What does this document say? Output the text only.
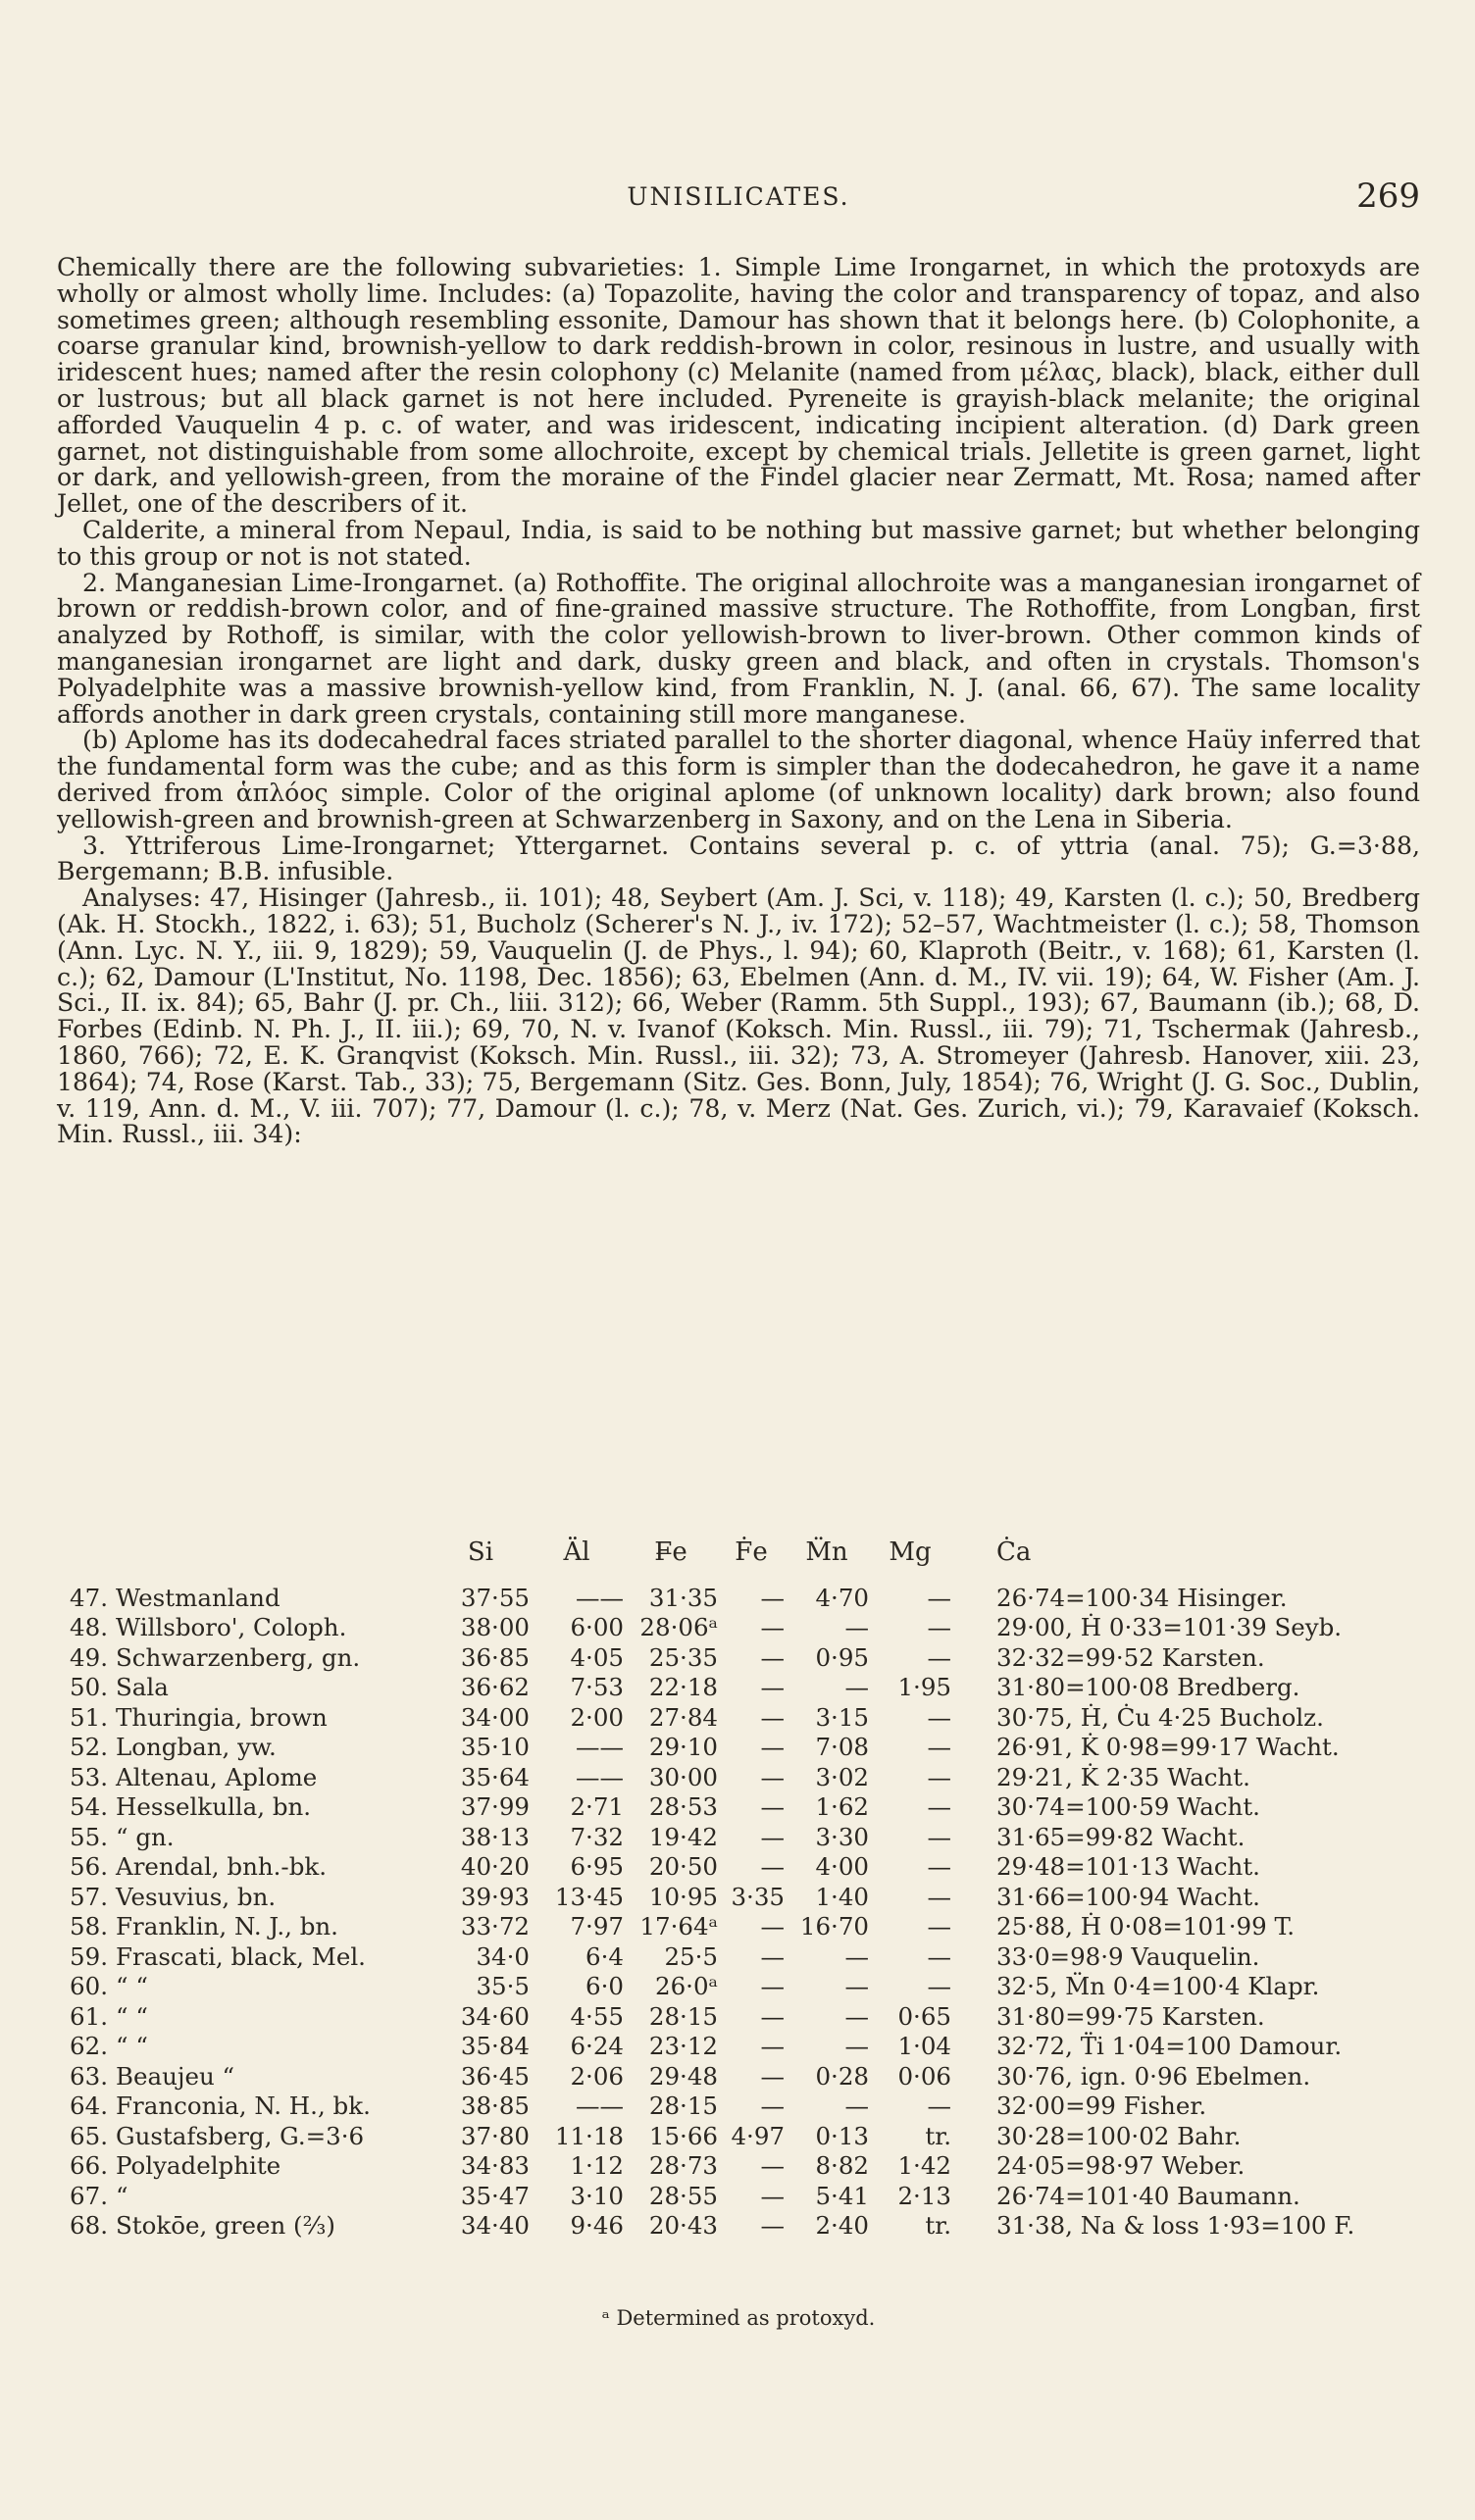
UNISILICATES.	269

Chemically there are the following subvarieties: 1. Simple Lime Irongarnet, in which the protoxyds are wholly or almost wholly lime. Includes: (a) Topazolite, having the color and transparency of topaz, and also sometimes green; although resembling essonite, Damour has shown that it belongs here. (b) Colophonite, a coarse granular kind, brownish-yellow to dark reddish-brown in color, resinous in lustre, and usually with iridescent hues; named after the resin colophony (c) Melanite (named from μέλας, black), black, either dull or lustrous; but all black garnet is not here included. Pyreneite is grayish-black melanite; the original afforded Vauquelin 4 p. c. of water, and was iridescent, indicating incipient alteration. (d) Dark green garnet, not distinguishable from some allochroite, except by chemical trials. Jelletite is green garnet, light or dark, and yellowish-green, from the moraine of the Findel glacier near Zermatt, Mt. Rosa; named after Jellet, one of the describers of it.

Calderite, a mineral from Nepaul, India, is said to be nothing but massive garnet; but whether belonging to this group or not is not stated.

2. Manganesian Lime-Irongarnet. (a) Rothoffite. The original allochroite was a manganesian irongarnet of brown or reddish-brown color, and of fine-grained massive structure. The Rothoffite, from Longban, first analyzed by Rothoff, is similar, with the color yellowish-brown to liver-brown. Other common kinds of manganesian irongarnet are light and dark, dusky green and black, and often in crystals. Thomson's Polyadelphite was a massive brownish-yellow kind, from Franklin, N. J. (anal. 66, 67). The same locality affords another in dark green crystals, containing still more manganese.

(b) Aplome has its dodecahedral faces striated parallel to the shorter diagonal, whence Haüy inferred that the fundamental form was the cube; and as this form is simpler than the dodecahedron, he gave it a name derived from ἁπλόος simple. Color of the original aplome (of unknown locality) dark brown; also found yellowish-green and brownish-green at Schwarzenberg in Saxony, and on the Lena in Siberia.

3. Yttriferous Lime-Irongarnet; Yttergarnet. Contains several p. c. of yttria (anal. 75); G.=3·88, Bergemann; B.B. infusible.

Analyses: 47, Hisinger (Jahresb., ii. 101); 48, Seybert (Am. J. Sci, v. 118); 49, Karsten (l. c.); 50, Bredberg (Ak. H. Stockh., 1822, i. 63); 51, Bucholz (Scherer's N. J., iv. 172); 52–57, Wachtmeister (l. c.); 58, Thomson (Ann. Lyc. N. Y., iii. 9, 1829); 59, Vauquelin (J. de Phys., l. 94); 60, Klaproth (Beitr., v. 168); 61, Karsten (l. c.); 62, Damour (L'Institut, No. 1198, Dec. 1856); 63, Ebelmen (Ann. d. M., IV. vii. 19); 64, W. Fisher (Am. J. Sci., II. ix. 84); 65, Bahr (J. pr. Ch., liii. 312); 66, Weber (Ramm. 5th Suppl., 193); 67, Baumann (ib.); 68, D. Forbes (Edinb. N. Ph. J., II. iii.); 69, 70, N. v. Ivanof (Koksch. Min. Russl., iii. 79); 71, Tschermak (Jahresb., 1860, 766); 72, E. K. Granqvist (Koksch. Min. Russl., iii. 32); 73, A. Stromeyer (Jahresb. Hanover, xiii. 23, 1864); 74, Rose (Karst. Tab., 33); 75, Bergemann (Sitz. Ges. Bonn, July, 1854); 76, Wright (J. G. Soc., Dublin, v. 119, Ann. d. M., V. iii. 707); 77, Damour (l. c.); 78, v. Merz (Nat. Ges. Zurich, vi.); 79, Karavaief (Koksch. Min. Russl., iii. 34):

		Si	Äl	F̶e	Ḟe	M̈n	Mg	Ċa
47.	Westmanland	37·55	——	31·35	—	4·70	—	26·74=100·34 Hisinger.
48.	Willsboro', Coloph.	38·00	6·00	28·06ᵃ	—	—	—	29·00, Ḣ 0·33=101·39 Seyb.
49.	Schwarzenberg, gn.	36·85	4·05	25·35	—	0·95	—	32·32=99·52 Karsten.
50.	Sala	36·62	7·53	22·18	—	—	1·95	31·80=100·08 Bredberg.
51.	Thuringia, brown	34·00	2·00	27·84	—	3·15	—	30·75, Ḣ, Ċu 4·25 Bucholz.
52.	Longban, yw.	35·10	——	29·10	—	7·08	—	26·91, K̇ 0·98=99·17 Wacht.
53.	Altenau, Aplome	35·64	——	30·00	—	3·02	—	29·21, K̇ 2·35 Wacht.
54.	Hesselkulla, bn.	37·99	2·71	28·53	—	1·62	—	30·74=100·59 Wacht.
55.	“ gn.	38·13	7·32	19·42	—	3·30	—	31·65=99·82 Wacht.
56.	Arendal, bnh.-bk.	40·20	6·95	20·50	—	4·00	—	29·48=101·13 Wacht.
57.	Vesuvius, bn.	39·93	13·45	10·95	3·35	1·40	—	31·66=100·94 Wacht.
58.	Franklin, N. J., bn.	33·72	7·97	17·64ᵃ	—	16·70	—	25·88, Ḣ 0·08=101·99 T.
59.	Frascati, black, Mel.	34·0	6·4	25·5	—	—	—	33·0=98·9 Vauquelin.
60.	“ “	35·5	6·0	26·0ᵃ	—	—	—	32·5, M̈n 0·4=100·4 Klapr.
61.	“ “	34·60	4·55	28·15	—	—	0·65	31·80=99·75 Karsten.
62.	“ “	35·84	6·24	23·12	—	—	1·04	32·72, T̈i 1·04=100 Damour.
63.	Beaujeu “	36·45	2·06	29·48	—	0·28	0·06	30·76, ign. 0·96 Ebelmen.
64.	Franconia, N. H., bk.	38·85	——	28·15	—	—	—	32·00=99 Fisher.
65.	Gustafsberg, G.=3·6	37·80	11·18	15·66	4·97	0·13	tr.	30·28=100·02 Bahr.
66.	Polyadelphite	34·83	1·12	28·73	—	8·82	1·42	24·05=98·97 Weber.
67.	“	35·47	3·10	28·55	—	5·41	2·13	26·74=101·40 Baumann.
68.	Stokōe, green (⅔)	34·40	9·46	20·43	—	2·40	tr.	31·38, Na & loss 1·93=100 F.
ᵃ Determined as protoxyd.
